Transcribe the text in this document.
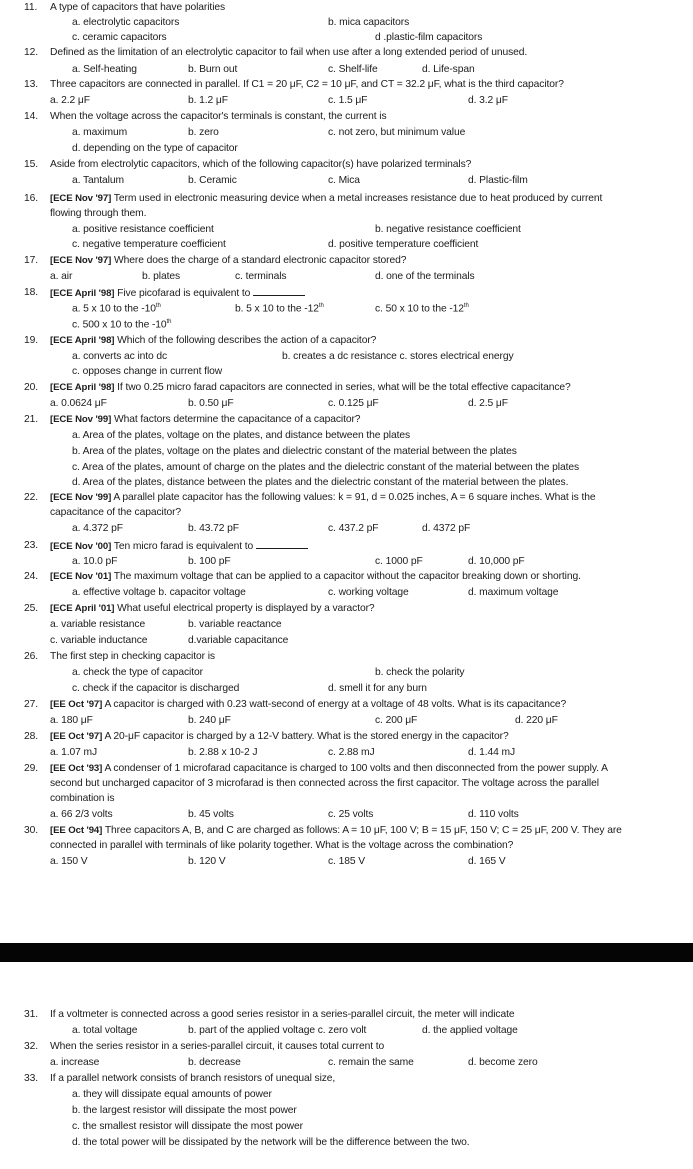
11. A type of capacitors that have polarities
a. electrolytic capacitors	b. mica capacitors
c. ceramic capacitors	d .plastic-film capacitors
12. Defined as the limitation of an electrolytic capacitor to fail when use after a long extended period of unused.
a. Self-heating	b. Burn out	c. Shelf-life	d. Life-span
13. Three capacitors are connected in parallel. If C1 = 20 μF, C2 = 10 μF, and CT = 32.2 μF, what is the third capacitor?
a. 2.2 μF	b. 1.2 μF	c. 1.5 μF	d. 3.2 μF
14. When the voltage across the capacitor's terminals is constant, the current is
a. maximum	b. zero	c. not zero, but minimum value
d. depending on the type of capacitor
15. Aside from electrolytic capacitors, which of the following capacitor(s) have polarized terminals?
a. Tantalum	b. Ceramic	c. Mica	d. Plastic-film
16. [ECE Nov '97] Term used in electronic measuring device when a metal increases resistance due to heat produced by current
flowing through them.
a. positive resistance coefficient	b. negative resistance coefficient
c. negative temperature coefficient	d. positive temperature coefficient
17. [ECE Nov '97] Where does the charge of a standard electronic capacitor stored?
a. air	b. plates	c. terminals	d. one of the terminals
18. [ECE April '98] Five picofarad is equivalent to
a. 5 x 10 to the -10th	b. 5 x 10 to the -12th	c. 50 x 10 to the -12th
c. 500 x 10 to the -10th
19. [ECE April '98] Which of the following describes the action of a capacitor?
a. converts ac into dc	b. creates a dc resistance c. stores electrical energy
c. opposes change in current flow
20. [ECE April '98] If two 0.25 micro farad capacitors are connected in series, what will be the total effective capacitance?
a. 0.0624 μF	b. 0.50 μF	c. 0.125 μF	d. 2.5 μF
21. [ECE Nov '99] What factors determine the capacitance of a capacitor?
a. Area of the plates, voltage on the plates, and distance between the plates
b. Area of the plates, voltage on the plates and dielectric constant of the material between the plates
c. Area of the plates, amount of charge on the plates and the dielectric constant of the material between the plates
d. Area of the plates, distance between the plates and the dielectric constant of the material between the plates.
22. [ECE Nov '99] A parallel plate capacitor has the following values: k = 91, d = 0.025 inches, A = 6 square inches. What is the
capacitance of the capacitor?
a. 4.372 pF	b. 43.72 pF	c. 437.2 pF	d. 4372 pF
23. [ECE Nov '00] Ten micro farad is equivalent to
a. 10.0 pF	b. 100 pF	c. 1000 pF	d. 10,000 pF
24. [ECE Nov '01] The maximum voltage that can be applied to a capacitor without the capacitor breaking down or shorting.
a. effective voltage b. capacitor voltage	c. working voltage	d. maximum voltage
25. [ECE April '01] What useful electrical property is displayed by a varactor?
a. variable resistance	b. variable reactance
c. variable inductance	d.variable capacitance
26. The first step in checking capacitor is
a. check the type of capacitor	b. check the polarity
c. check if the capacitor is discharged	d. smell it for any burn
27. [EE Oct '97] A capacitor is charged with 0.23 watt-second of energy at a voltage of 48 volts. What is its capacitance?
a. 180 μF	b. 240 μF	c. 200 μF	d. 220 μF
28. [EE Oct '97] A 20-μF capacitor is charged by a 12-V battery. What is the stored energy in the capacitor?
a. 1.07 mJ	b. 2.88 x 10-2 J	c. 2.88 mJ	d. 1.44 mJ
29. [EE Oct '93] A condenser of 1 microfarad capacitance is charged to 100 volts and then disconnected from the power supply. A
second but uncharged capacitor of 3 microfarad is then connected across the first capacitor. The voltage across the parallel
combination is
a. 66 2/3 volts	b. 45 volts	c. 25 volts	d. 110 volts
30. [EE Oct '94] Three capacitors A, B, and C are charged as follows: A = 10 μF, 100 V; B = 15 μF, 150 V; C = 25 μF, 200 V. They are
connected in parallel with terminals of like polarity together. What is the voltage across the combination?
a. 150 V	b. 120 V	c. 185 V	d. 165 V
31. If a voltmeter is connected across a good series resistor in a series-parallel circuit, the meter will indicate
a. total voltage	b. part of the applied voltage c. zero volt	d. the applied voltage
32. When the series resistor in a series-parallel circuit, it causes total current to
a. increase	b. decrease	c. remain the same	d. become zero
33. If a parallel network consists of branch resistors of unequal size,
a. they will dissipate equal amounts of power
b. the largest resistor will dissipate the most power
c. the smallest resistor will dissipate the most power
d. the total power will be dissipated by the network will be the difference between the two.
